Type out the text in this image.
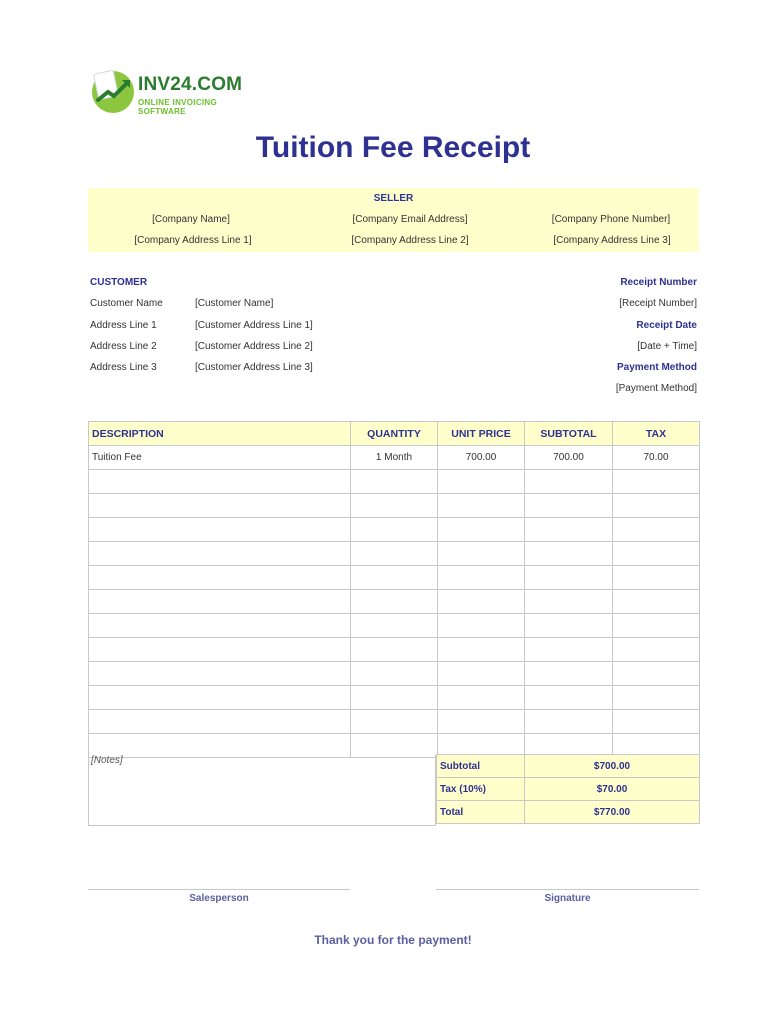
INV24.COM
ONLINE INVOICING SOFTWARE
Tuition Fee Receipt
SELLER
[Company Name]	[Company Email Address]	[Company Phone Number]
[Company Address Line 1]	[Company Address Line 2]	[Company Address Line 3]
CUSTOMER
Customer Name	[Customer Name]
Address Line 1	[Customer Address Line 1]
Address Line 2	[Customer Address Line 2]
Address Line 3	[Customer Address Line 3]
Receipt Number
[Receipt Number]
Receipt Date
[Date + Time]
Payment Method
[Payment Method]
DESCRIPTION	QUANTITY	UNIT PRICE	SUBTOTAL	TAX
Tuition Fee	1 Month	700.00	700.00	70.00

[Notes]	Subtotal	$700.00
Tax (10%)	$70.00
Total	$770.00
Salesperson	Signature
Thank you for the payment!
